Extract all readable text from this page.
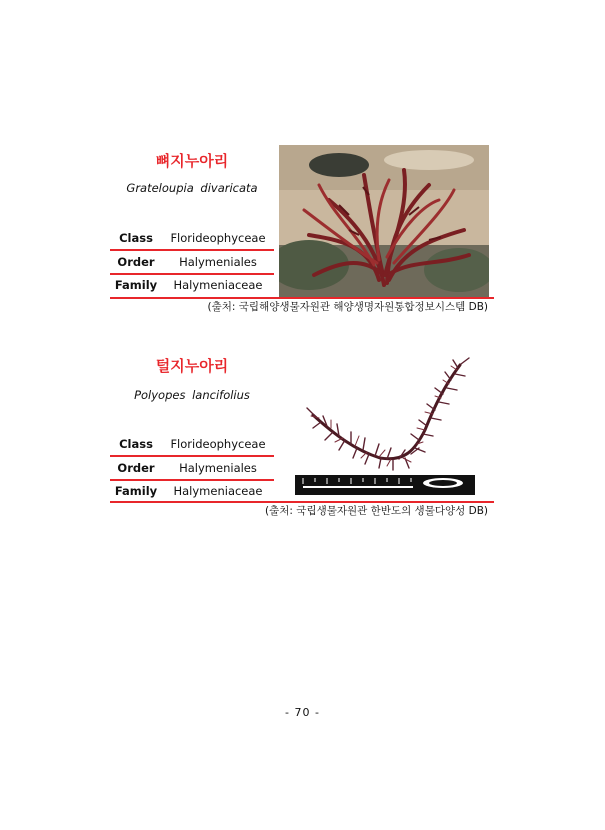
뼈지누아리
Grateloupia divaricata
Class	Florideophyceae
Order	Halymeniales
Family	Halymeniaceae
(출처: 국립해양생물자원관 해양생명자원통합정보시스템 DB)
털지누아리
Polyopes lancifolius
Class	Florideophyceae
Order	Halymeniales
Family	Halymeniaceae
(출처: 국립생물자원관 한반도의 생물다양성 DB)
- 70 -
